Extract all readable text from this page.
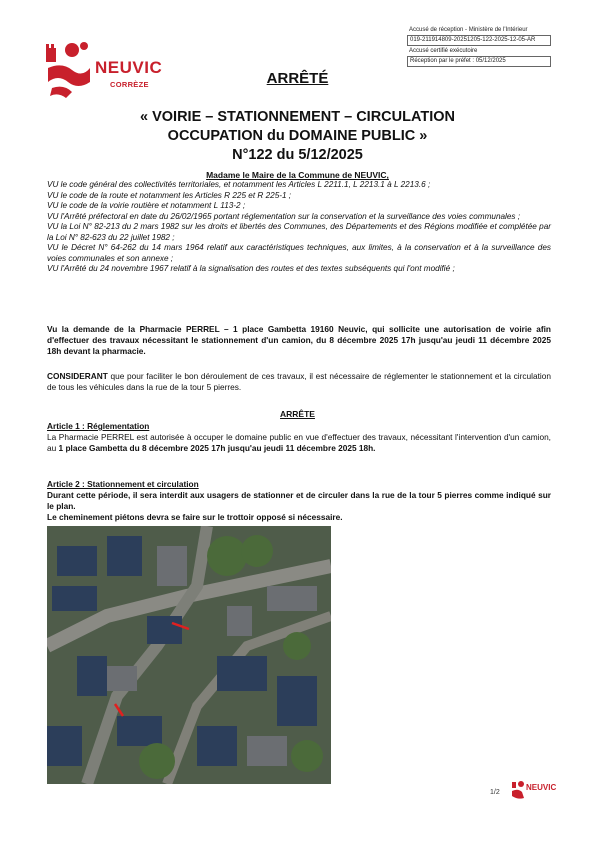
NEUVIC
CORRÈZE
Accusé de réception - Ministère de l'Intérieur
019-211914809-20251205-122-2025-12-05-AR
Accusé certifié exécutoire
Réception par le préfet : 05/12/2025
ARRÊTÉ
« VOIRIE – STATIONNEMENT – CIRCULATION
OCCUPATION du DOMAINE PUBLIC »
N°122 du 5/12/2025
Madame le Maire de la Commune de NEUVIC,

VU le code général des collectivités territoriales, et notamment les Articles L 2211.1, L 2213.1 à L 2213.6 ;

VU le code de la route et notamment les Articles R 225 et R 225-1 ;

VU le code de la voirie routière et notamment L 113-2 ;

VU l'Arrêté préfectoral en date du 26/02/1965 portant réglementation sur la conservation et la surveillance des voies communales ;

VU la Loi N° 82-213 du 2 mars 1982 sur les droits et libertés des Communes, des Départements et des Régions modifiée et complétée par la Loi N° 82-623 du 22 juillet 1982 ;

VU le Décret N° 64-262 du 14 mars 1964 relatif aux caractéristiques techniques, aux limites, à la conservation et à la surveillance des voies communales et son annexe ;

VU l'Arrêté du 24 novembre 1967 relatif à la signalisation des routes et des textes subséquents qui l'ont modifié ;

Vu la demande de la Pharmacie PERREL – 1 place Gambetta 19160 Neuvic, qui sollicite une autorisation de voirie afin d'effectuer des travaux nécessitant le stationnement d'un camion, du 8 décembre 2025 17h jusqu'au jeudi 11 décembre 2025 18h devant la pharmacie.

CONSIDERANT que pour faciliter le bon déroulement de ces travaux, il est nécessaire de réglementer le stationnement et la circulation de tous les véhicules dans la rue de la tour 5 pierres.

ARRÊTE

Article 1 : Réglementation

La Pharmacie PERREL est autorisée à occuper le domaine public en vue d'effectuer des travaux, nécessitant l'intervention d'un camion, au 1 place Gambetta du 8 décembre 2025 17h jusqu'au jeudi 11 décembre 2025 18h.

Article 2 : Stationnement et circulation

Durant cette période, il sera interdit aux usagers de stationner et de circuler dans la rue de la tour 5 pierres comme indiqué sur le plan.

Le cheminement piétons devra se faire sur le trottoir opposé si nécessaire.

1/2
NEUVIC
